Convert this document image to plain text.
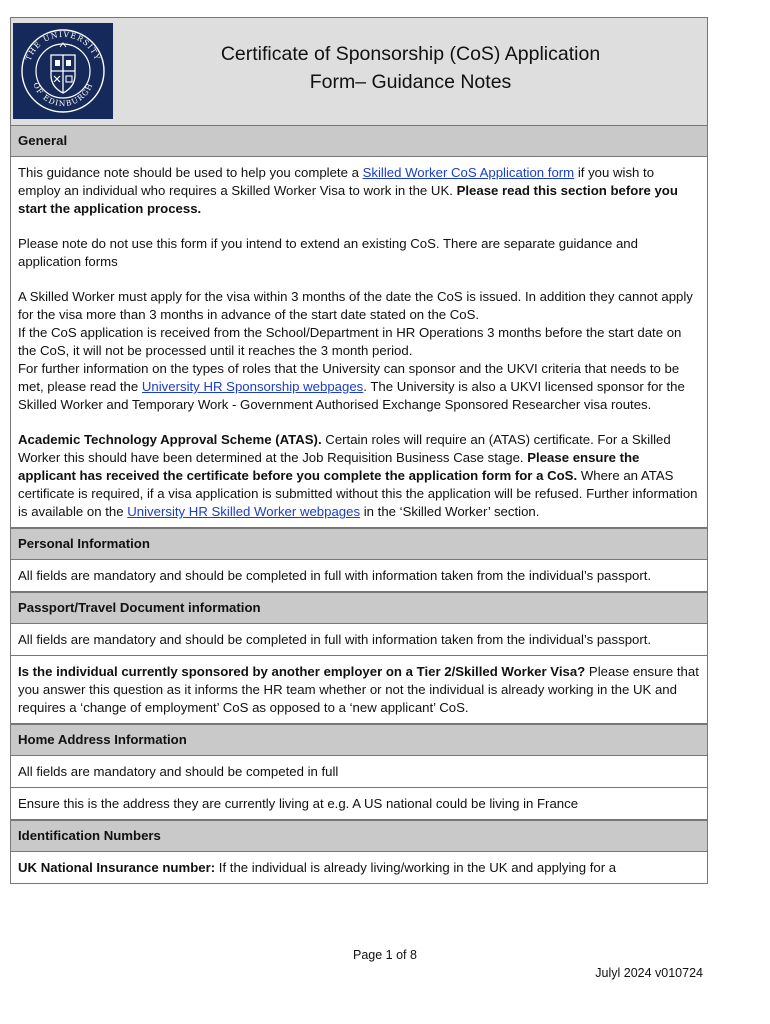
THE UNIVERSITY
OF EDINBURGH
Certificate of Sponsorship (CoS) Application
Form– Guidance Notes
General

This guidance note should be used to help you complete a Skilled Worker CoS Application form if you wish to employ an individual who requires a Skilled Worker Visa to work in the UK. Please read this section before you start the application process.

Please note do not use this form if you intend to extend an existing CoS. There are separate guidance and application forms

A Skilled Worker must apply for the visa within 3 months of the date the CoS is issued. In addition they cannot apply for the visa more than 3 months in advance of the start date stated on the CoS.
If the CoS application is received from the School/Department in HR Operations 3 months before the start date on the CoS, it will not be processed until it reaches the 3 month period.
For further information on the types of roles that the University can sponsor and the UKVI criteria that needs to be met, please read the University HR Sponsorship webpages. The University is also a UKVI licensed sponsor for the Skilled Worker and Temporary Work - Government Authorised Exchange Sponsored Researcher visa routes.

Academic Technology Approval Scheme (ATAS). Certain roles will require an (ATAS) certificate. For a Skilled Worker this should have been determined at the Job Requisition Business Case stage. Please ensure the applicant has received the certificate before you complete the application form for a CoS. Where an ATAS certificate is required, if a visa application is submitted without this the application will be refused. Further information is available on the University HR Skilled Worker webpages in the ‘Skilled Worker’ section.

Personal Information
All fields are mandatory and should be completed in full with information taken from the individual’s passport.
Passport/Travel Document information
All fields are mandatory and should be completed in full with information taken from the individual’s passport.
Is the individual currently sponsored by another employer on a Tier 2/Skilled Worker Visa? Please ensure that you answer this question as it informs the HR team whether or not the individual is already working in the UK and requires a ‘change of employment’ CoS as opposed to a ‘new applicant’ CoS.
Home Address Information
All fields are mandatory and should be competed in full
Ensure this is the address they are currently living at e.g. A US national could be living in France
Identification Numbers
UK National Insurance number: If the individual is already living/working in the UK and applying for a
Page 1 of 8
Julyl 2024 v010724
